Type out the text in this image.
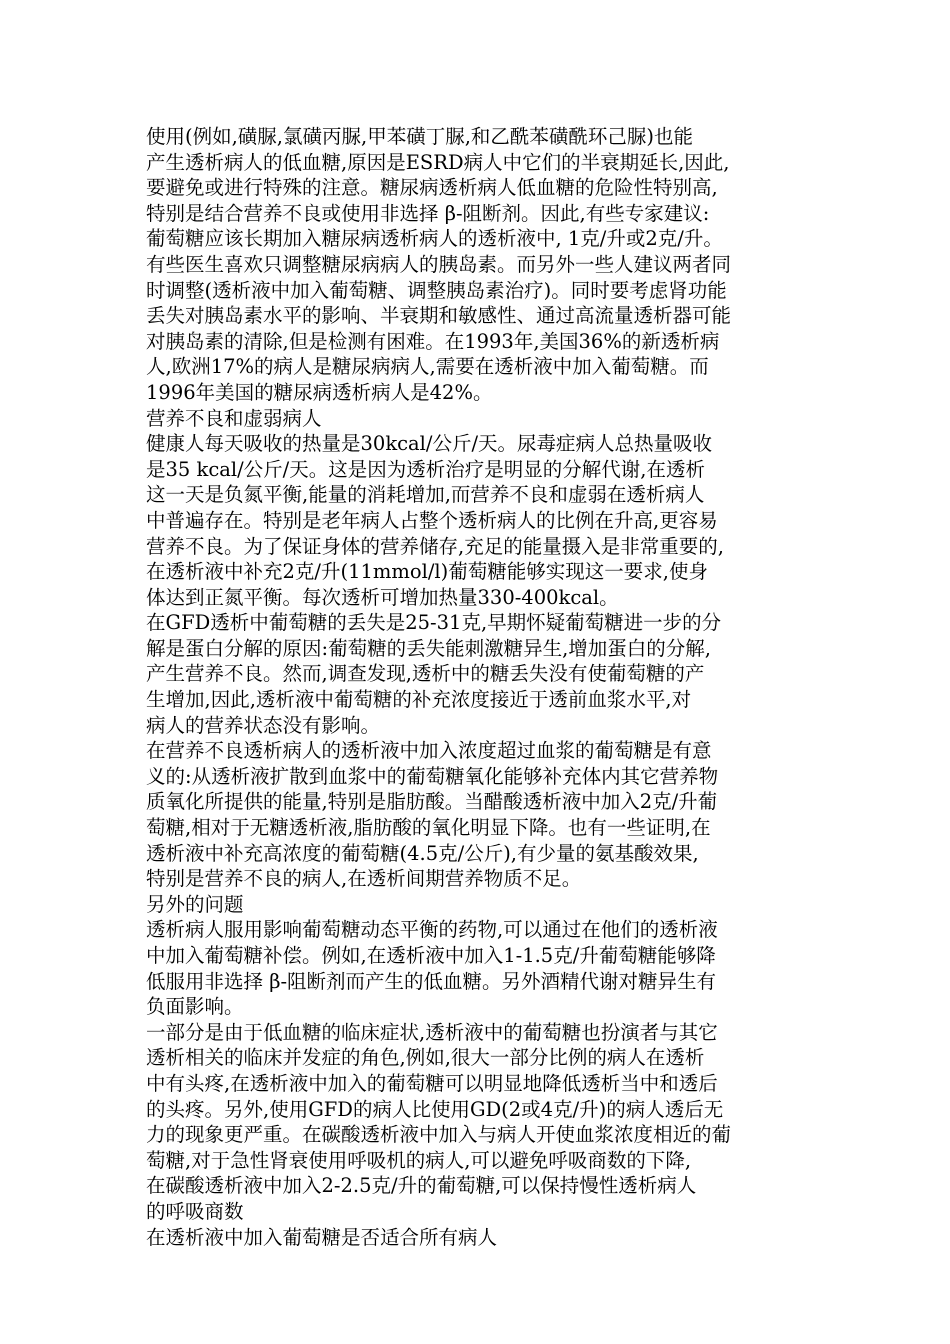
使用(例如,磺脲,氯磺丙脲,甲苯磺丁脲,和乙酰苯磺酰环己脲)也能
产生透析病人的低血糖,原因是ESRD病人中它们的半衰期延长,因此,
要避免或进行特殊的注意。糖尿病透析病人低血糖的危险性特别高,
特别是结合营养不良或使用非选择 β-阻断剂。因此,有些专家建议:
葡萄糖应该长期加入糖尿病透析病人的透析液中, 1克/升或2克/升。
有些医生喜欢只调整糖尿病病人的胰岛素。而另外一些人建议两者同
时调整(透析液中加入葡萄糖、调整胰岛素治疗)。同时要考虑肾功能
丢失对胰岛素水平的影响、半衰期和敏感性、通过高流量透析器可能
对胰岛素的清除,但是检测有困难。在1993年,美国36%的新透析病
人,欧洲17%的病人是糖尿病病人,需要在透析液中加入葡萄糖。而
1996年美国的糖尿病透析病人是42%。
营养不良和虚弱病人
健康人每天吸收的热量是30kcal/公斤/天。尿毒症病人总热量吸收
是35 kcal/公斤/天。这是因为透析治疗是明显的分解代谢,在透析
这一天是负氮平衡,能量的消耗增加,而营养不良和虚弱在透析病人
中普遍存在。特别是老年病人占整个透析病人的比例在升高,更容易
营养不良。为了保证身体的营养储存,充足的能量摄入是非常重要的,
在透析液中补充2克/升(11mmol/l)葡萄糖能够实现这一要求,使身
体达到正氮平衡。每次透析可增加热量330-400kcal。
在GFD透析中葡萄糖的丢失是25-31克,早期怀疑葡萄糖进一步的分
解是蛋白分解的原因:葡萄糖的丢失能刺激糖异生,增加蛋白的分解,
产生营养不良。然而,调查发现,透析中的糖丢失没有使葡萄糖的产
生增加,因此,透析液中葡萄糖的补充浓度接近于透前血浆水平,对
病人的营养状态没有影响。
在营养不良透析病人的透析液中加入浓度超过血浆的葡萄糖是有意
义的:从透析液扩散到血浆中的葡萄糖氧化能够补充体内其它营养物
质氧化所提供的能量,特别是脂肪酸。当醋酸透析液中加入2克/升葡
萄糖,相对于无糖透析液,脂肪酸的氧化明显下降。也有一些证明,在
透析液中补充高浓度的葡萄糖(4.5克/公斤),有少量的氨基酸效果,
特别是营养不良的病人,在透析间期营养物质不足。
另外的问题
透析病人服用影响葡萄糖动态平衡的药物,可以通过在他们的透析液
中加入葡萄糖补偿。例如,在透析液中加入1-1.5克/升葡萄糖能够降
低服用非选择 β-阻断剂而产生的低血糖。另外酒精代谢对糖异生有
负面影响。
一部分是由于低血糖的临床症状,透析液中的葡萄糖也扮演者与其它
透析相关的临床并发症的角色,例如,很大一部分比例的病人在透析
中有头疼,在透析液中加入的葡萄糖可以明显地降低透析当中和透后
的头疼。另外,使用GFD的病人比使用GD(2或4克/升)的病人透后无
力的现象更严重。在碳酸透析液中加入与病人开使血浆浓度相近的葡
萄糖,对于急性肾衰使用呼吸机的病人,可以避免呼吸商数的下降,
在碳酸透析液中加入2-2.5克/升的葡萄糖,可以保持慢性透析病人
的呼吸商数
在透析液中加入葡萄糖是否适合所有病人
